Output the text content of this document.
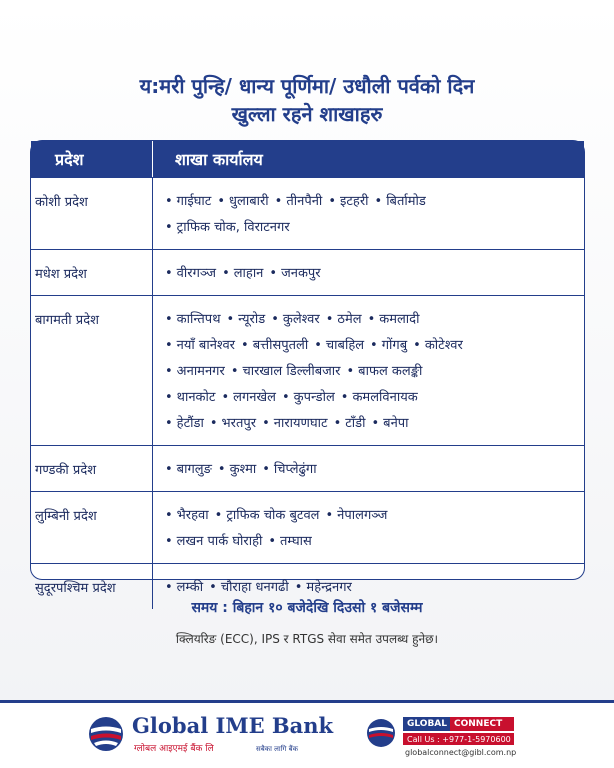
य:मरी पुन्हि/ धान्य पूर्णिमा/ उधौली पर्वको दिन
खुल्ला रहने शाखाहरु
प्रदेश	शाखा कार्यालय
कोशी प्रदेश	• गाईघाट • धुलाबारी • तीनपैनी • इटहरी • बिर्तामोड
• ट्राफिक चोक, विराटनगर
मधेश प्रदेश	• वीरगञ्ज • लाहान • जनकपुर
बागमती प्रदेश	• कान्तिपथ • न्यूरोड • कुलेश्वर • ठमेल • कमलादी
• नयाँ बानेश्वर • बत्तीसपुतली • चाबहिल • गोंगबु • कोटेश्वर
• अनामनगर • चारखाल डिल्लीबजार • बाफल कलङ्की
• थानकोट • लगनखेल • कुपन्डोल • कमलविनायक
• हेटौंडा • भरतपुर • नारायणघाट • टाँडी • बनेपा
गण्डकी प्रदेश	• बागलुङ • कुश्मा • चिप्लेढुंगा
लुम्बिनी प्रदेश	• भैरहवा • ट्राफिक चोक बुटवल • नेपालगञ्ज
• लखन पार्क घोराही • तम्घास
सुदूरपश्चिम प्रदेश	• लम्की • चौराहा धनगढी • महेन्द्रनगर
समय : बिहान १० बजेदेखि दिउसो १ बजेसम्म
क्लियरिङ (ECC), IPS र RTGS सेवा समेत उपलब्ध हुनेछ।
Global IME Bank
ग्लोबल आइएमई बैंक लि	सबैका लागि बैंक
GLOBAL CONNECT
Call Us : +977-1-5970600
globalconnect@gibl.com.np
